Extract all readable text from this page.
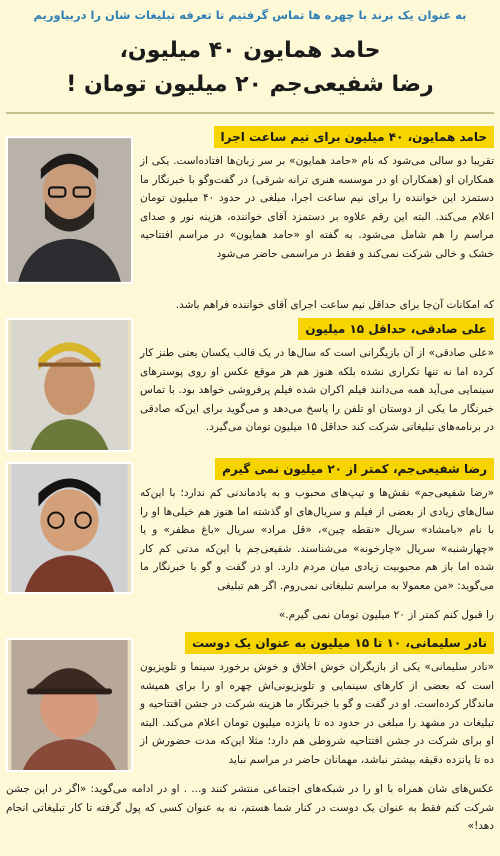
به عنوان یک برند با چهره ها تماس گرفتیم تا تعرفه تبلیغات شان را دربیاوریم
حامد همایون ۴۰ میلیون،
رضا شفیعی‌جم ۲۰ میلیون تومان !
حامد همایون، ۴۰ میلیون برای نیم ساعت اجرا
تقریبا دو سالی می‌شود که نام «حامد همایون» بر سر زبان‌ها افتاده‌است. یکی از همکاران او (همکاران او در موسسه هنری ترانه شرقی) در گفت‌وگو با خبرنگار ما دستمزد این خواننده را برای نیم ساعت اجرا، مبلغی در حدود ۴۰ میلیون تومان اعلام می‌کند. البته این رقم علاوه بر دستمزد آقای خواننده، هزینه نور و صدای مراسم را هم شامل می‌شود. به گفته او «حامد همایون» در مراسم افتتاحیه خشک و خالی شرکت نمی‌کند و فقط در مراسمی حاضر می‌شود
که امکانات آن‌جا برای حداقل نیم ساعت اجرای آقای خواننده فراهم باشد.
علی صادقی، حداقل ۱۵ میلیون
«علی صادقی» از آن بازیگرانی است که سال‌ها در یک قالب یکسان یعنی طنز کار کرده اما نه تنها تکراری نشده بلکه هنوز هم هر موقع عکس او روی پوسترهای سینمایی می‌آید همه می‌دانند فیلم اکران شده فیلم پرفروشی خواهد بود. با تماس خبرنگار ما یکی از دوستان او تلفن را پاسخ می‌دهد و می‌گوید برای این‌که صادقی در برنامه‌های تبلیغاتی شرکت کند حداقل ۱۵ میلیون تومان می‌گیرد.
رضا شفیعی‌جم، کمتر از ۲۰ میلیون نمی گیرم
«رضا شفیعی‌جم» نقش‌ها و تیپ‌های محبوب و به یادماندنی کم ندارد؛ با این‌که سال‌های زیادی از بعضی از فیلم و سریال‌های او گذشته اما هنوز هم خیلی‌ها او را با نام «بامشاد» سریال «نقطه چین»، «قل مراد» سریال «باغ مظفر» و یا «چهارشنبه» سریال «چارخونه» می‌شناسند. شفیعی‌جم با این‌که مدتی کم کار شده اما باز هم محبوبیت زیادی میان مردم دارد. او در گفت و گو با خبرنگار ما می‌گوید: «من معمولا به مراسم تبلیغاتی نمی‌روم. اگر هم تبلیغی
را قبول کنم کمتر از ۲۰ میلیون تومان نمی گیرم.»
نادر سلیمانی، ۱۰ تا ۱۵ میلیون به عنوان یک دوست
«نادر سلیمانی» یکی از بازیگران خوش اخلاق و خوش برخورد سینما و تلویزیون است که بعضی از کارهای سینمایی و تلویزیونی‌اش چهره او را برای همیشه ماندگار کرده‌است. او در گفت و گو با خبرنگار ما هزینه شرکت در جشن افتتاحیه و تبلیغات در مشهد را مبلغی در حدود ده تا پانزده میلیون تومان اعلام می‌کند. البته او برای شرکت در جشن افتتاحیه شروطی هم دارد؛ مثلا این‌که مدت حضورش از ده تا پانزده دقیقه بیشتر نباشد، مهمانان حاضر در مراسم نباید
عکس‌های شان همراه با او را در شبکه‌های اجتماعی منتشر کنند و... . او در ادامه می‌گوید: «اگر در این جشن شرکت کنم فقط به عنوان یک دوست در کنار شما هستم، نه به عنوان کسی که پول گرفته تا کار تبلیغاتی انجام دهد!»
